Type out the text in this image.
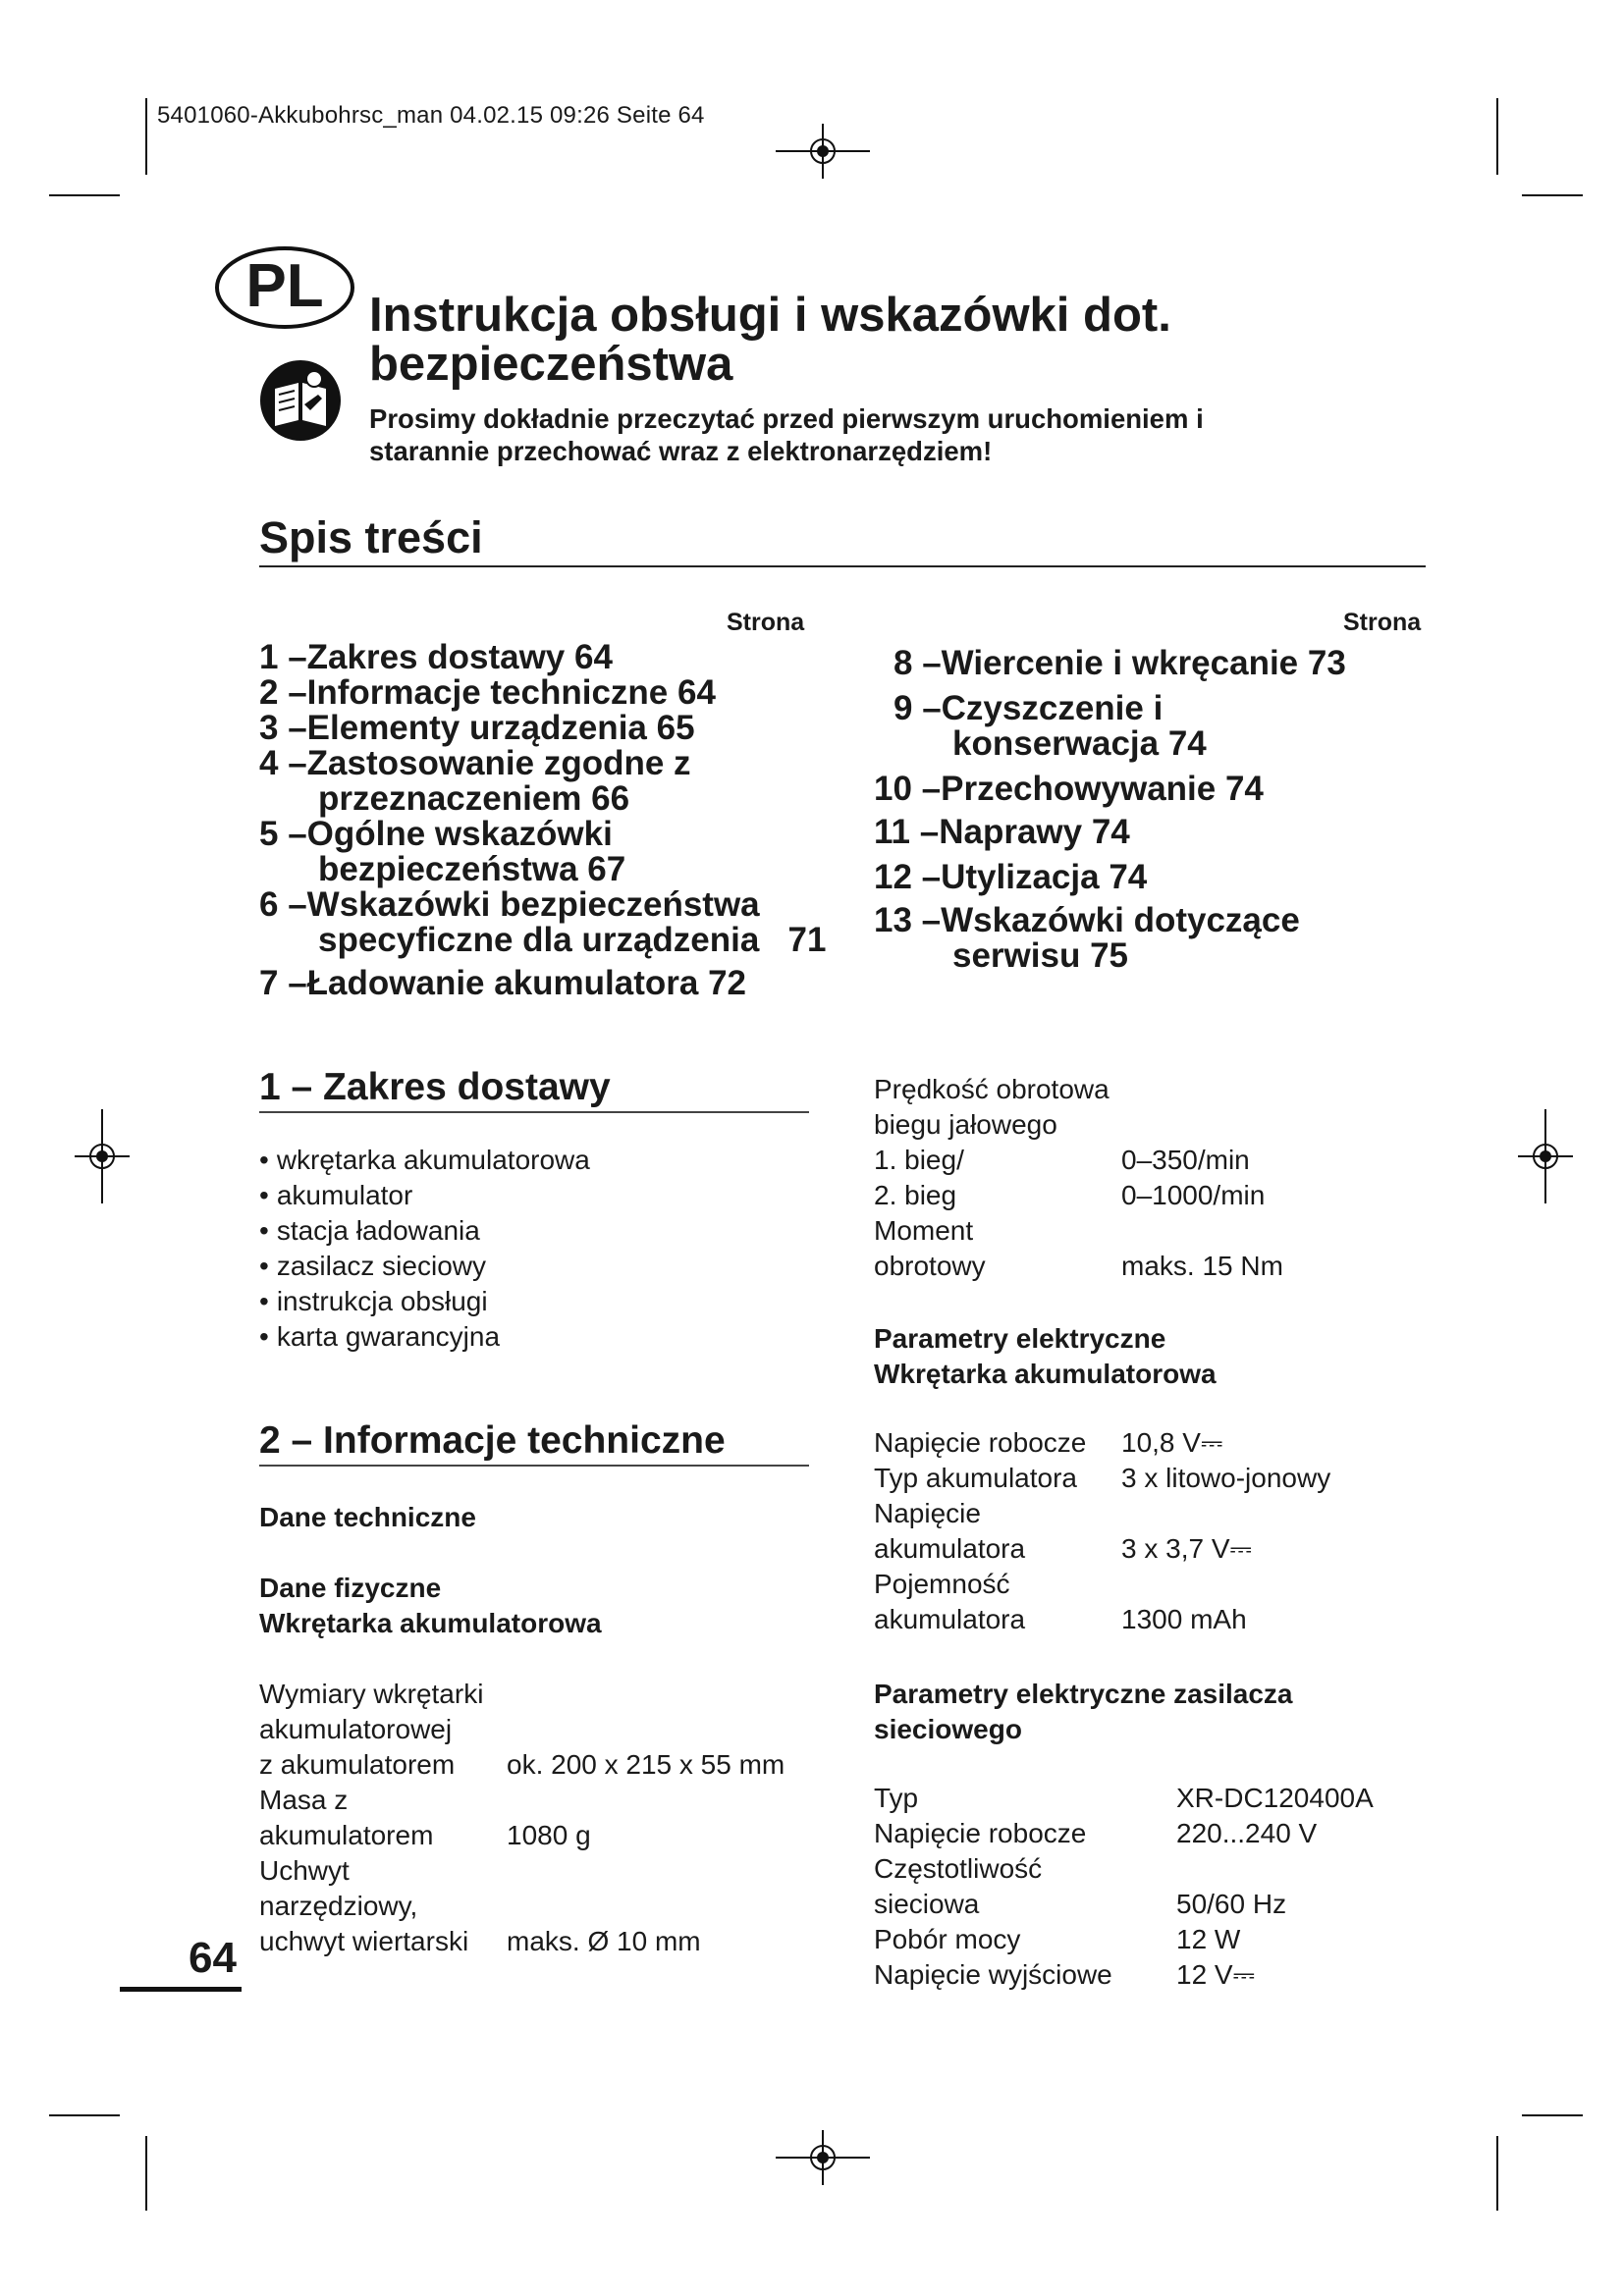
5401060-Akkubohrsc_man 04.02.15 09:26 Seite 64
PL Instrukcja obsługi i wskazówki dot.
bezpieczeństwa
Prosimy dokładnie przeczytać przed pierwszym uruchomieniem i
starannie przechować wraz z elektronarzędziem!
Spis treści
Strona	Strona
1 –Zakres dostawy 64
2 –Informacje techniczne 64
3 –Elementy urządzenia 65
4 –Zastosowanie zgodne z
przeznaczeniem 66
5 –Ogólne wskazówki
bezpieczeństwa 67
6 –Wskazówki bezpieczeństwa
specyficzne dla urządzenia   71
7 –Ładowanie akumulatora 72
8 –Wiercenie i wkręcanie 73
9 –Czyszczenie i
konserwacja 74
10 –Przechowywanie 74
11 –Naprawy 74
12 –Utylizacja 74
13 –Wskazówki dotyczące
serwisu 75
1 – Zakres dostawy
• wkrętarka akumulatorowa
• akumulator
• stacja ładowania
• zasilacz sieciowy
• instrukcja obsługi
• karta gwarancyjna
2 – Informacje techniczne
Dane techniczne
Dane fizyczne
Wkrętarka akumulatorowa
Wymiary wkrętarki
akumulatorowej
z akumulatorem	ok. 200 x 215 x 55 mm

Masa z
akumulatorem	1080 g

Uchwyt
narzędziowy,
uchwyt wiertarski	maks. Ø 10 mm
Prędkość obrotowa
biegu jałowego	

1. bieg/	0–350/min
2. bieg	0–1000/min

Moment
obrotowy	maks. 15 Nm
Parametry elektryczne
Wkrętarka akumulatorowa
Napięcie robocze	10,8 V⎓
Typ akumulatora	3 x litowo-jonowy

Napięcie
akumulatora	3 x 3,7 V⎓

Pojemność
akumulatora	1300 mAh
Parametry elektryczne zasilacza
sieciowego
Typ	XR-DC120400A
Napięcie robocze	220...240 V

Częstotliwość
sieciowa	50/60 Hz
Pobór mocy	12 W
Napięcie wyjściowe	12 V⎓
64
